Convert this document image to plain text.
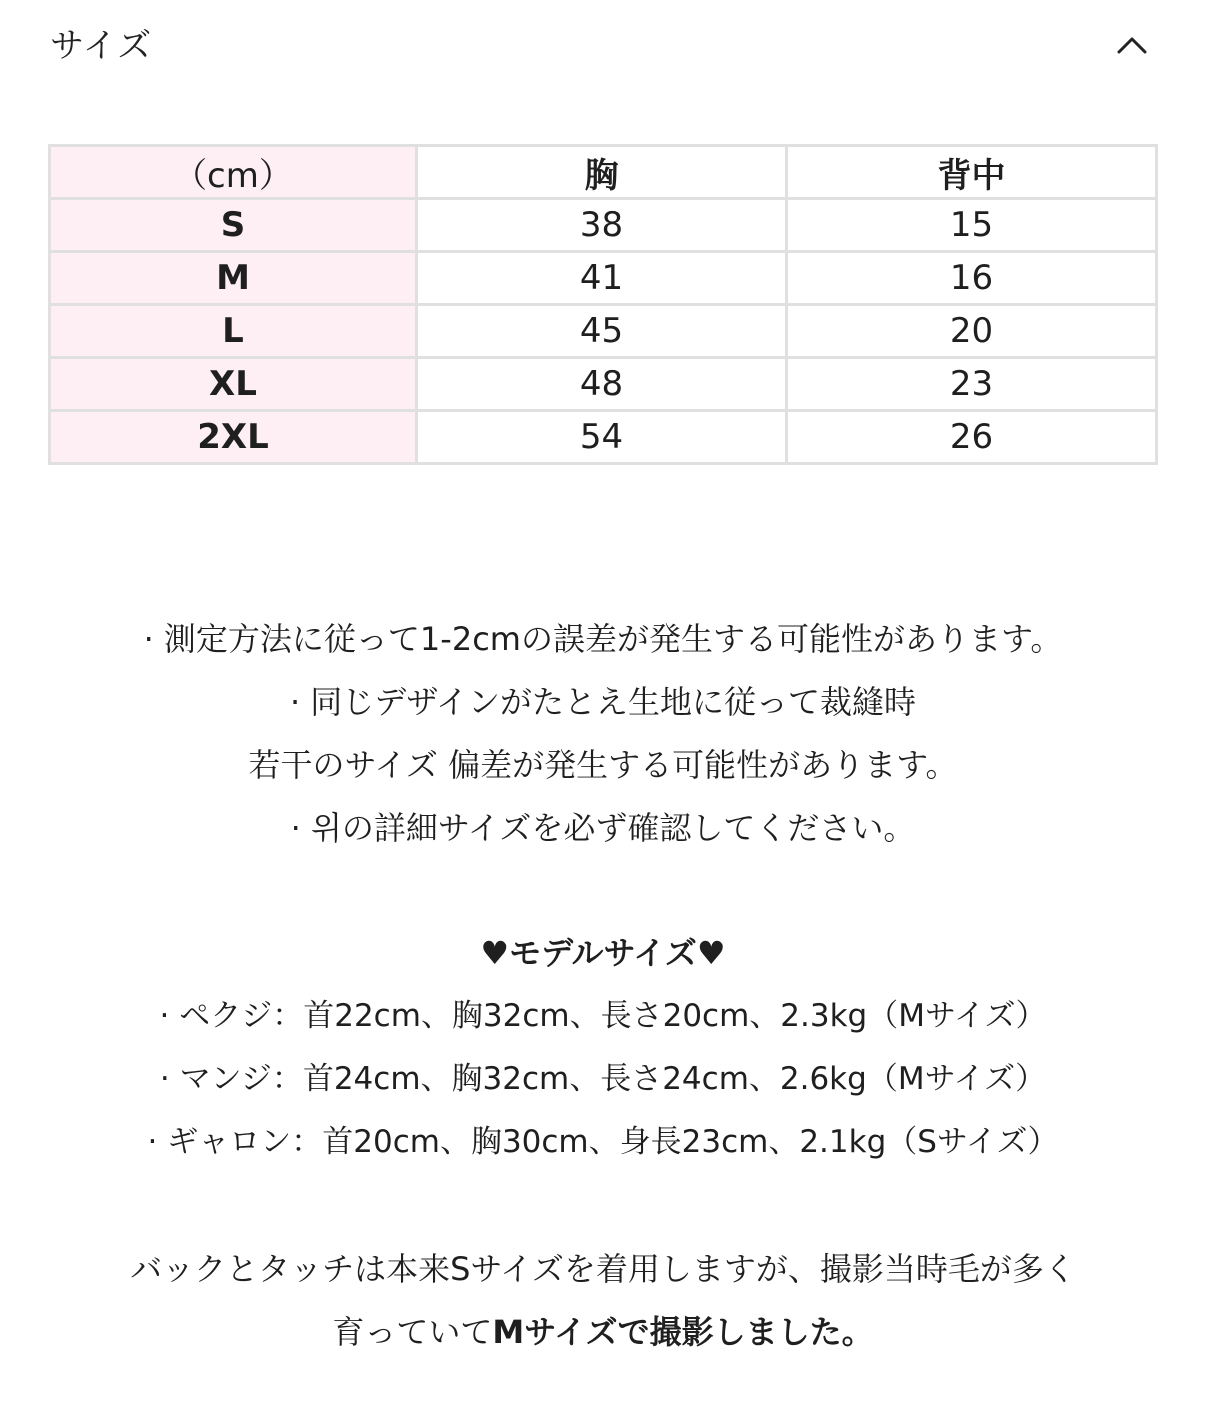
サイズ
（cm）	胸	背中
S	38	15
M	41	16
L	45	20
XL	48	23
2XL	54	26

· 測定方法に従って1-2cmの誤差が発生する可能性があります。

· 同じデザインがたとえ生地に従って裁縫時

若干のサイズ 偏差が発生する可能性があります。

· 위の詳細サイズを必ず確認してください。

♥モデルサイズ♥

· ペクジ：首22cm、胸32cm、長さ20cm、2.3kg（Mサイズ）

· マンジ：首24cm、胸32cm、長さ24cm、2.6kg（Mサイズ）

· ギャロン：首20cm、胸30cm、身長23cm、2.1kg（Sサイズ）

バックとタッチは本来Sサイズを着用しますが、撮影当時毛が多く

育っていてMサイズで撮影しました。
